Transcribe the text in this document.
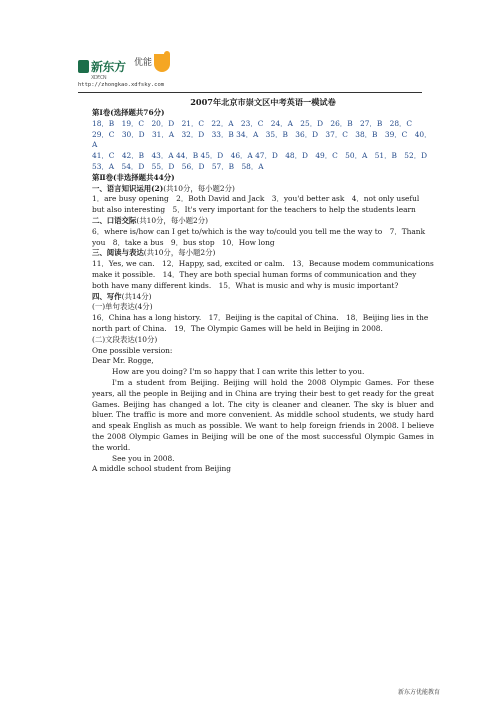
新东方
XDF.CN
优能
http://zhongkao.xdfsky.com

2007年北京市崇文区中考英语一模试卷

第Ⅰ卷(选择题共76分)

18．B　19．C　20．D　21．C　22．A　23．C　24．A　25．D　26．B　27．B　28．C

29．C　30．D　31．A　32．D　33．B 34．A　35．B　36．D　37．C　38．B　39．C　40．A

41．C　42．B　43．A 44．B 45．D　46．A 47．D　48．D　49．C　50．A　51．B　52．D

53．A　54．D　55．D　56．D　57．B　58．A

第Ⅱ卷(非选择题共44分)

一、语言知识运用(2)(共10分，每小题2分)

1．are busy opening　2．Both David and Jack　3．you'd better ask　4．not only useful but also interesting　5．It's very important for the teachers to help the students learn

二、口语交际(共10分，每小题2分)

6．where is/how can I get to/which is the way to/could you tell me the way to　7．Thank you　8．take a bus　9．bus stop　10．How long

三、阅读与表达(共10分，每小题2分)

11．Yes, we can.　12．Happy, sad, excited or calm.　13．Because modem communications make it possible.　14．They are both special human forms of communication and they both have many different kinds.　15．What is music and why is music important?

四、写作(共14分)

(一)单句表达(4分)

16．China has a long history.　17．Beijing is the capital of China.　18．Beijing lies in the north part of China.　19．The Olympic Games will be held in Beijing in 2008.

(二)文段表达(10分)

One possible version:

Dear Mr. Rogge,

How are you doing? I'm so happy that I can write this letter to you.

I'm a student from Beijing. Beijing will hold the 2008 Olympic Games. For these years, all the people in Beijing and in China are trying their best to get ready for the great Games. Beijing has changed a lot. The city is cleaner and cleaner. The sky is bluer and bluer. The traffic is more and more convenient. As middle school students, we study hard and speak English as much as possible. We want to help foreign friends in 2008. I believe the 2008 Olympic Games in Beijing will be one of the most successful Olympic Games in the world.

See you in 2008.

A middle school student from Beijing

新东方优能教育
